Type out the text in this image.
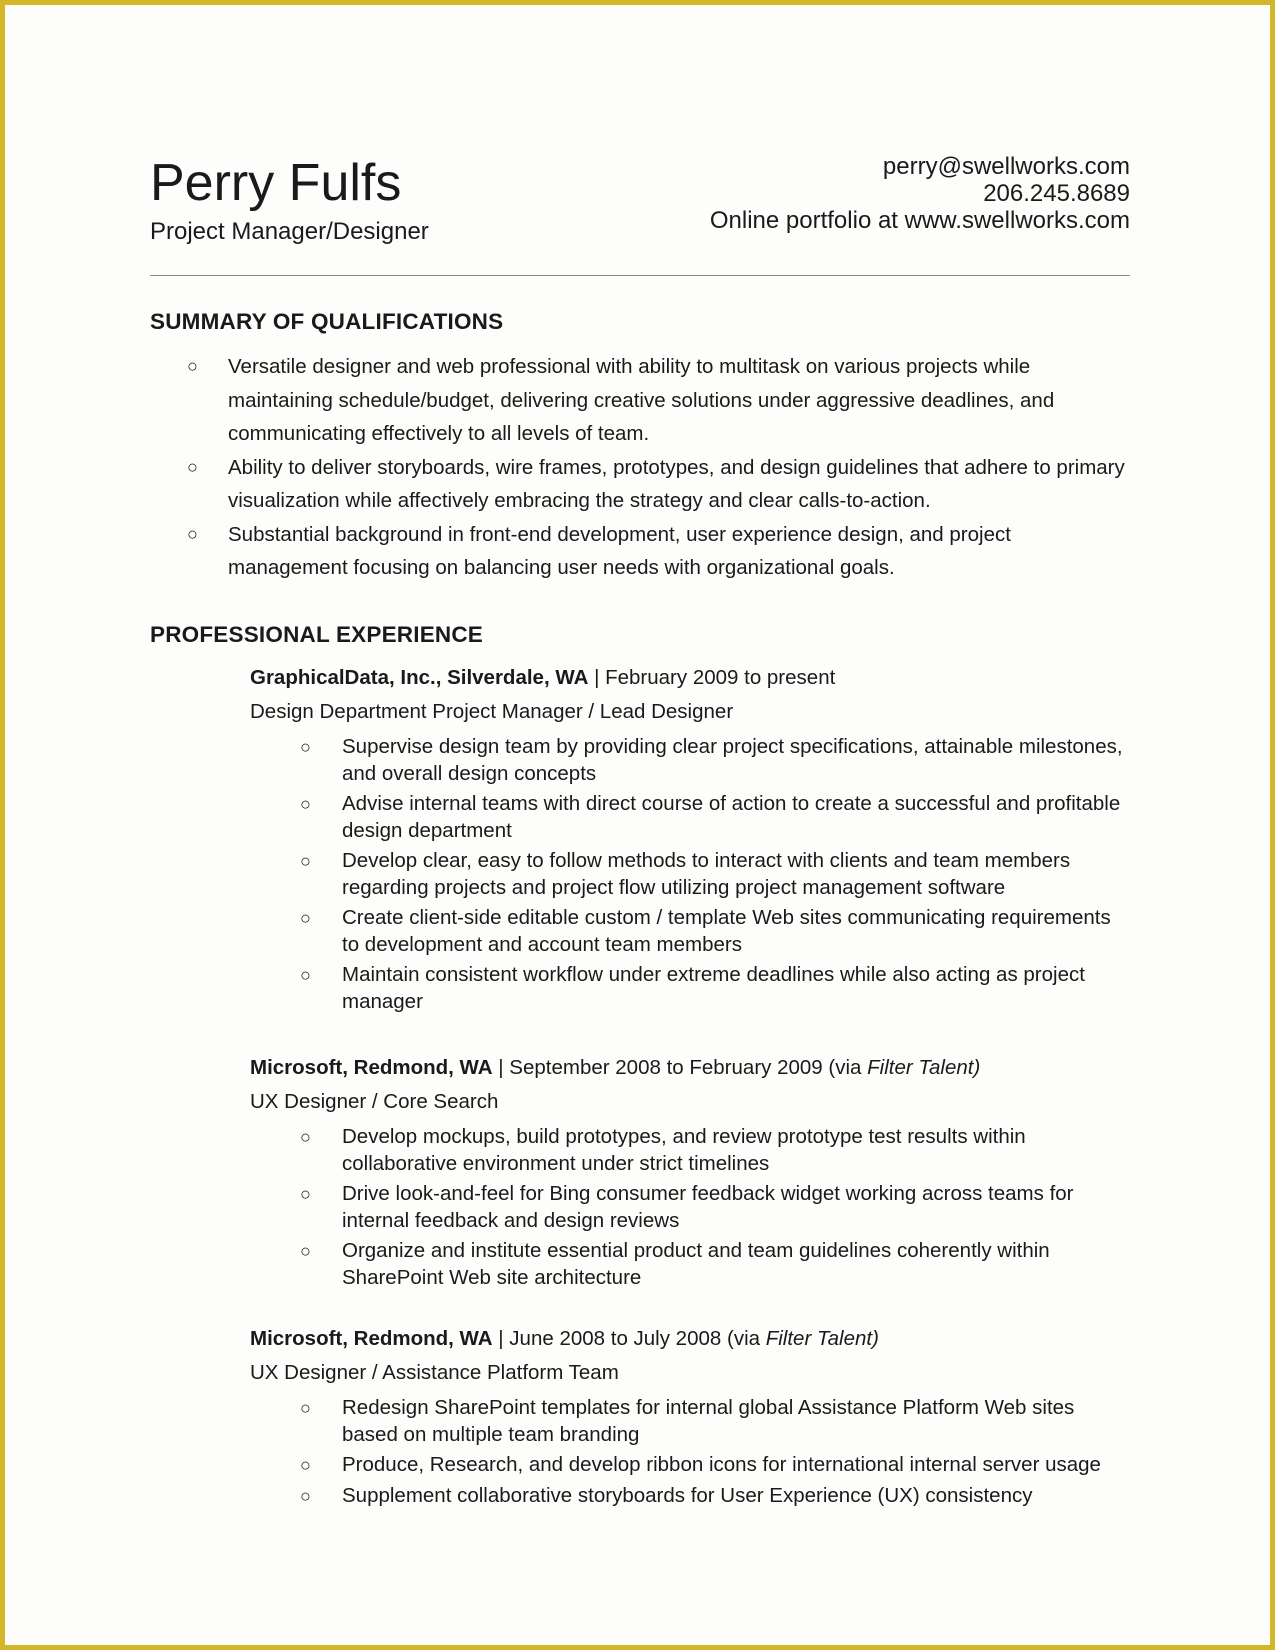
Perry Fulfs
Project Manager/Designer
perry@swellworks.com
206.245.8689
Online portfolio at www.swellworks.com
SUMMARY OF QUALIFICATIONS
○ Versatile designer and web professional with ability to multitask on various projects while maintaining schedule/budget, delivering creative solutions under aggressive deadlines, and communicating effectively to all levels of team.
○ Ability to deliver storyboards, wire frames, prototypes, and design guidelines that adhere to primary visualization while affectively embracing the strategy and clear calls-to-action.
○ Substantial background in front-end development, user experience design, and project management focusing on balancing user needs with organizational goals.
PROFESSIONAL EXPERIENCE
GraphicalData, Inc., Silverdale, WA | February 2009 to present
Design Department Project Manager / Lead Designer
○ Supervise design team by providing clear project specifications, attainable milestones, and overall design concepts
○ Advise internal teams with direct course of action to create a successful and profitable design department
○ Develop clear, easy to follow methods to interact with clients and team members regarding projects and project flow utilizing project management software
○ Create client-side editable custom / template Web sites communicating requirements to development and account team members
○ Maintain consistent workflow under extreme deadlines while also acting as project manager
Microsoft, Redmond, WA | September 2008 to February 2009 (via Filter Talent)
UX Designer / Core Search
○ Develop mockups, build prototypes, and review prototype test results within collaborative environment under strict timelines
○ Drive look-and-feel for Bing consumer feedback widget working across teams for internal feedback and design reviews
○ Organize and institute essential product and team guidelines coherently within SharePoint Web site architecture
Microsoft, Redmond, WA | June 2008 to July 2008 (via Filter Talent)
UX Designer / Assistance Platform Team
○ Redesign SharePoint templates for internal global Assistance Platform Web sites based on multiple team branding
○ Produce, Research, and develop ribbon icons for international internal server usage
○ Supplement collaborative storyboards for User Experience (UX) consistency
